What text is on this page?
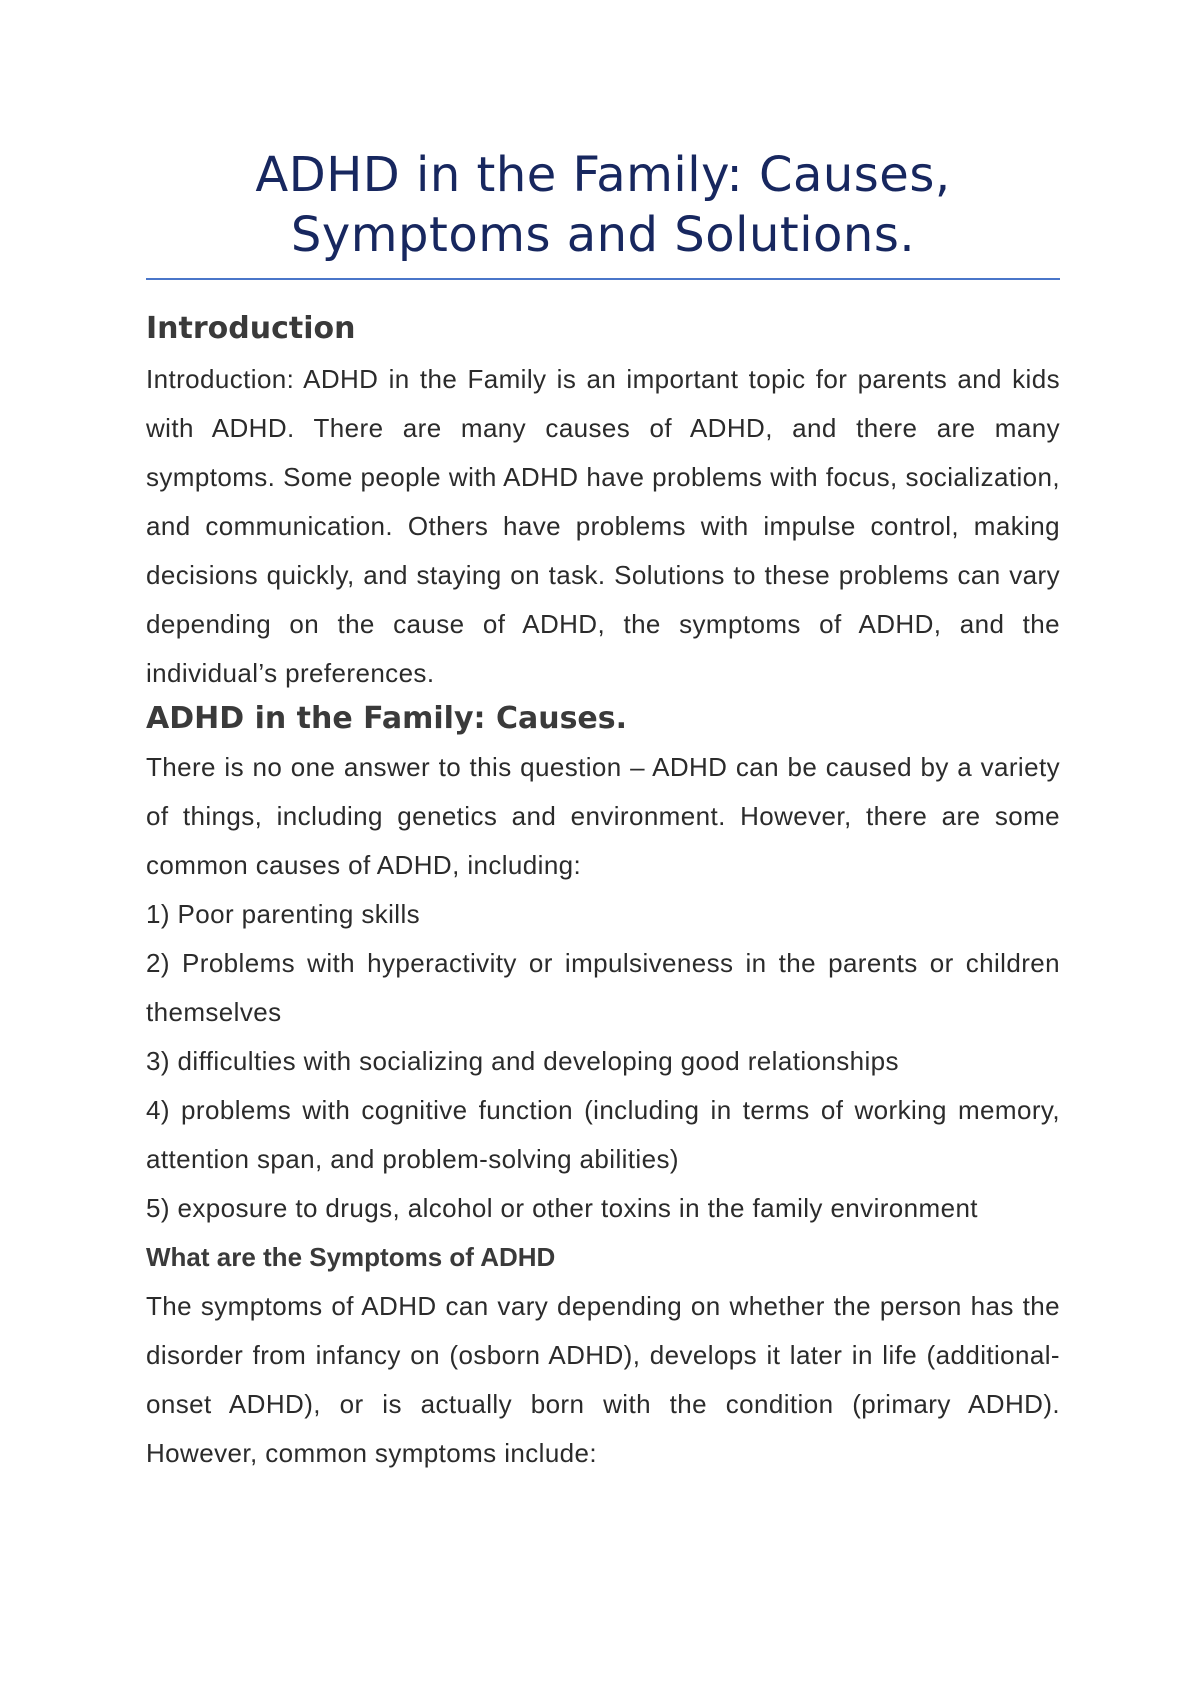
ADHD in the Family: Causes, Symptoms and Solutions.
Introduction

Introduction: ADHD in the Family is an important topic for parents and kids with ADHD. There are many causes of ADHD, and there are many symptoms. Some people with ADHD have problems with focus, socialization, and communication. Others have problems with impulse control, making decisions quickly, and staying on task. Solutions to these problems can vary depending on the cause of ADHD, the symptoms of ADHD, and the individual’s preferences.

ADHD in the Family: Causes.

There is no one answer to this question – ADHD can be caused by a variety of things, including genetics and environment. However, there are some common causes of ADHD, including:

1) Poor parenting skills

2) Problems with hyperactivity or impulsiveness in the parents or children themselves

3) difficulties with socializing and developing good relationships

4) problems with cognitive function (including in terms of working memory, attention span, and problem-solving abilities)

5) exposure to drugs, alcohol or other toxins in the family environment

What are the Symptoms of ADHD

The symptoms of ADHD can vary depending on whether the person has the disorder from infancy on (osborn ADHD), develops it later in life (additional-onset ADHD), or is actually born with the condition (primary ADHD). However, common symptoms include:
